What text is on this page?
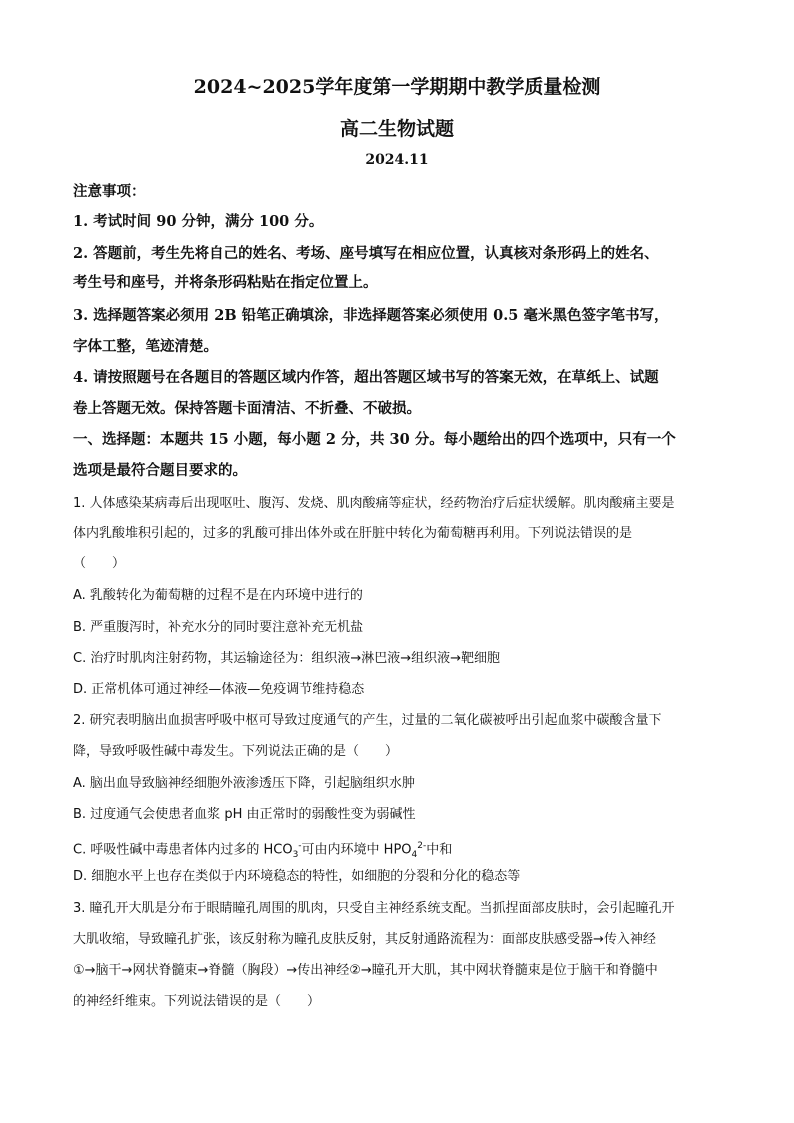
2024~2025学年度第一学期期中教学质量检测
高二生物试题
2024.11
注意事项：
1. 考试时间 90 分钟，满分 100 分。
2. 答题前，考生先将自己的姓名、考场、座号填写在相应位置，认真核对条形码上的姓名、
考生号和座号，并将条形码粘贴在指定位置上。
3. 选择题答案必须用 2B 铅笔正确填涂，非选择题答案必须使用 0.5 毫米黑色签字笔书写，
字体工整，笔迹清楚。
4. 请按照题号在各题目的答题区域内作答，超出答题区域书写的答案无效，在草纸上、试题
卷上答题无效。保持答题卡面清洁、不折叠、不破损。
一、选择题：本题共 15 小题，每小题 2 分，共 30 分。每小题给出的四个选项中，只有一个
选项是最符合题目要求的。
1. 人体感染某病毒后出现呕吐、腹泻、发烧、肌肉酸痛等症状，经药物治疗后症状缓解。肌肉酸痛主要是
体内乳酸堆积引起的，过多的乳酸可排出体外或在肝脏中转化为葡萄糖再利用。下列说法错误的是
（　　）
A. 乳酸转化为葡萄糖的过程不是在内环境中进行的
B. 严重腹泻时，补充水分的同时要注意补充无机盐
C. 治疗时肌肉注射药物，其运输途径为：组织液→淋巴液→组织液→靶细胞
D. 正常机体可通过神经—体液—免疫调节维持稳态
2. 研究表明脑出血损害呼吸中枢可导致过度通气的产生，过量的二氧化碳被呼出引起血浆中碳酸含量下
降，导致呼吸性碱中毒发生。下列说法正确的是（　　）
A. 脑出血导致脑神经细胞外液渗透压下降，引起脑组织水肿
B. 过度通气会使患者血浆 pH 由正常时的弱酸性变为弱碱性
C. 呼吸性碱中毒患者体内过多的 $HCO_3^-$可由内环境中 $HPO_4^{2-}$中和
D. 细胞水平上也存在类似于内环境稳态的特性，如细胞的分裂和分化的稳态等
3. 瞳孔开大肌是分布于眼睛瞳孔周围的肌肉，只受自主神经系统支配。当抓捏面部皮肤时，会引起瞳孔开
大肌收缩，导致瞳孔扩张，该反射称为瞳孔皮肤反射，其反射通路流程为：面部皮肤感受器→传入神经
①→脑干→网状脊髓束→脊髓（胸段）→传出神经②→瞳孔开大肌，其中网状脊髓束是位于脑干和脊髓中
的神经纤维束。下列说法错误的是（　　）
